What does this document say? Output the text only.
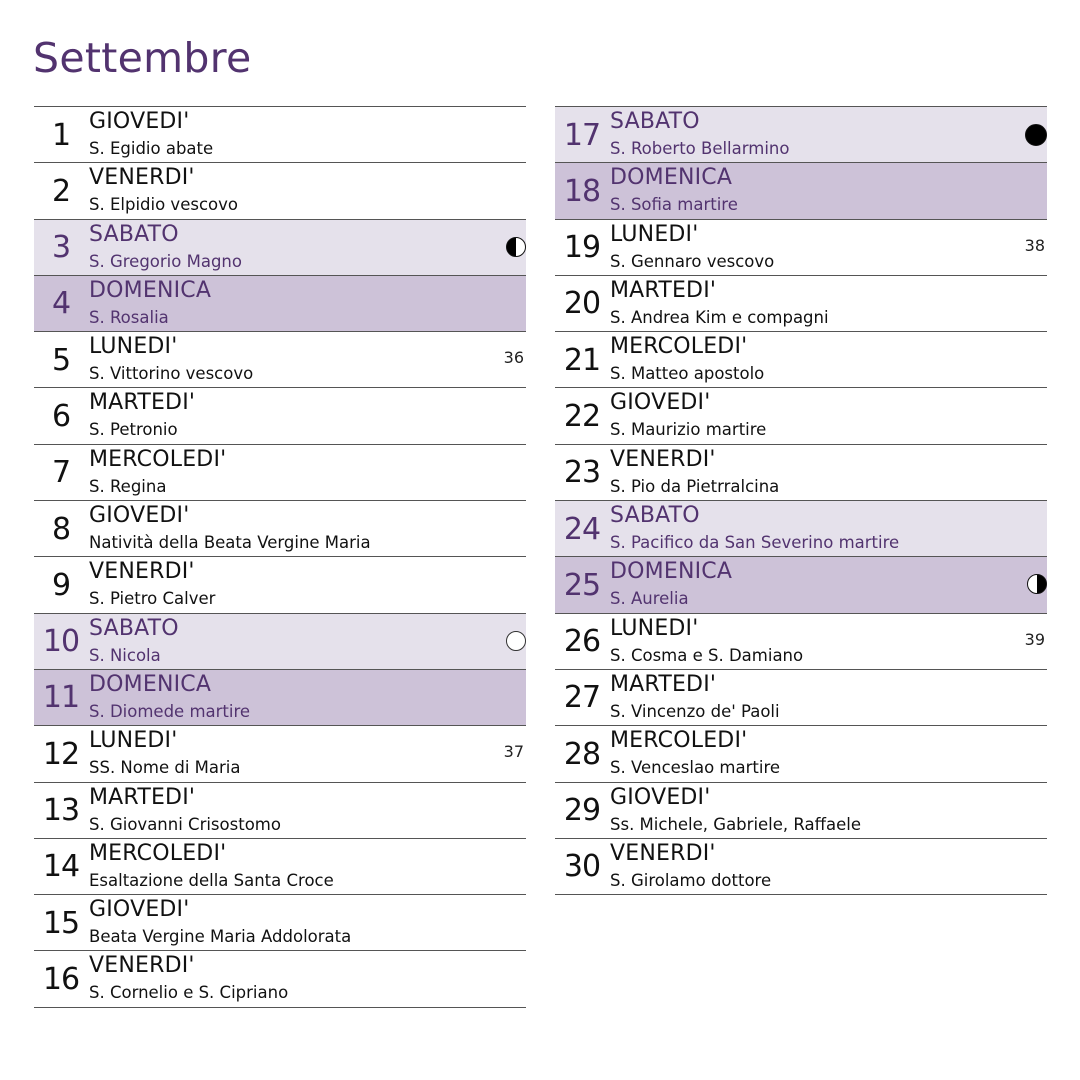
Settembre
1 GIOVEDI'
S. Egidio abate
2 VENERDI'
S. Elpidio vescovo
3 SABATO
S. Gregorio Magno
4 DOMENICA
S. Rosalia
5 LUNEDI'
S. Vittorino vescovo
36
6 MARTEDI'
S. Petronio
7 MERCOLEDI'
S. Regina
8 GIOVEDI'
Natività della Beata Vergine Maria
9 VENERDI'
S. Pietro Calver
10 SABATO
S. Nicola
11 DOMENICA
S. Diomede martire
12 LUNEDI'
SS. Nome di Maria
37
13 MARTEDI'
S. Giovanni Crisostomo
14 MERCOLEDI'
Esaltazione della Santa Croce
15 GIOVEDI'
Beata Vergine Maria Addolorata
16 VENERDI'
S. Cornelio e S. Cipriano
17 SABATO
S. Roberto Bellarmino
18 DOMENICA
S. Sofia martire
19 LUNEDI'
S. Gennaro vescovo
38
20 MARTEDI'
S. Andrea Kim e compagni
21 MERCOLEDI'
S. Matteo apostolo
22 GIOVEDI'
S. Maurizio martire
23 VENERDI'
S. Pio da Pietrralcina
24 SABATO
S. Pacifico da San Severino martire
25 DOMENICA
S. Aurelia
26 LUNEDI'
S. Cosma e S. Damiano
39
27 MARTEDI'
S. Vincenzo de' Paoli
28 MERCOLEDI'
S. Venceslao martire
29 GIOVEDI'
Ss. Michele, Gabriele, Raffaele
30 VENERDI'
S. Girolamo dottore
